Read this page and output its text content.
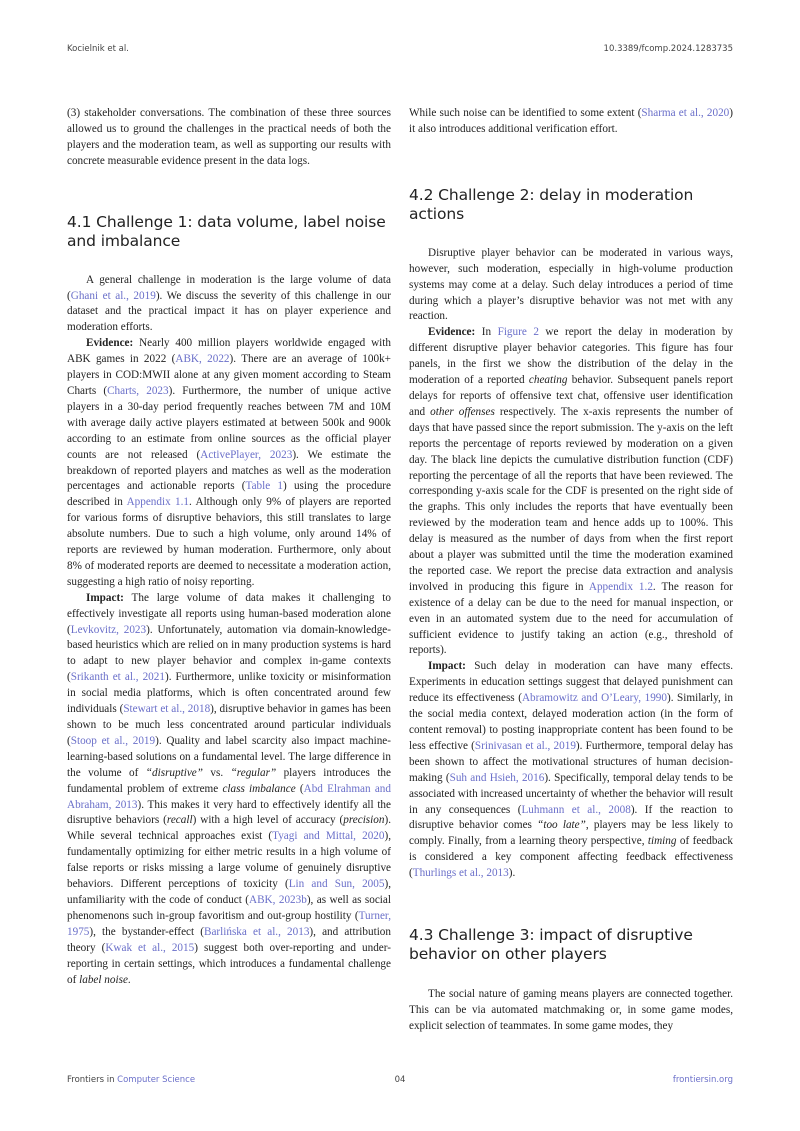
Kocielnik et al.	10.3389/fcomp.2024.1283735

(3) stakeholder conversations. The combination of these three sources allowed us to ground the challenges in the practical needs of both the players and the moderation team, as well as supporting our results with concrete measurable evidence present in the data logs.

4.1 Challenge 1: data volume, label noise and imbalance

A general challenge in moderation is the large volume of data (Ghani et al., 2019). We discuss the severity of this challenge in our dataset and the practical impact it has on player experience and moderation efforts.

Evidence: Nearly 400 million players worldwide engaged with ABK games in 2022 (ABK, 2022). There are an average of 100k+ players in COD:MWII alone at any given moment according to Steam Charts (Charts, 2023). Furthermore, the number of unique active players in a 30-day period frequently reaches between 7M and 10M with average daily active players estimated at between 500k and 900k according to an estimate from online sources as the official player counts are not released (ActivePlayer, 2023). We estimate the breakdown of reported players and matches as well as the moderation percentages and actionable reports (Table 1) using the procedure described in Appendix 1.1. Although only 9% of players are reported for various forms of disruptive behaviors, this still translates to large absolute numbers. Due to such a high volume, only around 14% of reports are reviewed by human moderation. Furthermore, only about 8% of moderated reports are deemed to necessitate a moderation action, suggesting a high ratio of noisy reporting.

Impact: The large volume of data makes it challenging to effectively investigate all reports using human-based moderation alone (Levkovitz, 2023). Unfortunately, automation via domain-knowledge-based heuristics which are relied on in many production systems is hard to adapt to new player behavior and complex in-game contexts (Srikanth et al., 2021). Furthermore, unlike toxicity or misinformation in social media platforms, which is often concentrated around few individuals (Stewart et al., 2018), disruptive behavior in games has been shown to be much less concentrated around particular individuals (Stoop et al., 2019). Quality and label scarcity also impact machine-learning-based solutions on a fundamental level. The large difference in the volume of “disruptive” vs. “regular” players introduces the fundamental problem of extreme class imbalance (Abd Elrahman and Abraham, 2013). This makes it very hard to effectively identify all the disruptive behaviors (recall) with a high level of accuracy (precision). While several technical approaches exist (Tyagi and Mittal, 2020), fundamentally optimizing for either metric results in a high volume of false reports or risks missing a large volume of genuinely disruptive behaviors. Different perceptions of toxicity (Lin and Sun, 2005), unfamiliarity with the code of conduct (ABK, 2023b), as well as social phenomenons such in-group favoritism and out-group hostility (Turner, 1975), the bystander-effect (Barlińska et al., 2013), and attribution theory (Kwak et al., 2015) suggest both over-reporting and under-reporting in certain settings, which introduces a fundamental challenge of label noise.

While such noise can be identified to some extent (Sharma et al., 2020) it also introduces additional verification effort.

4.2 Challenge 2: delay in moderation actions

Disruptive player behavior can be moderated in various ways, however, such moderation, especially in high-volume production systems may come at a delay. Such delay introduces a period of time during which a player’s disruptive behavior was not met with any reaction.

Evidence: In Figure 2 we report the delay in moderation by different disruptive player behavior categories. This figure has four panels, in the first we show the distribution of the delay in the moderation of a reported cheating behavior. Subsequent panels report delays for reports of offensive text chat, offensive user identification and other offenses respectively. The x-axis represents the number of days that have passed since the report submission. The y-axis on the left reports the percentage of reports reviewed by moderation on a given day. The black line depicts the cumulative distribution function (CDF) reporting the percentage of all the reports that have been reviewed. The corresponding y-axis scale for the CDF is presented on the right side of the graphs. This only includes the reports that have eventually been reviewed by the moderation team and hence adds up to 100%. This delay is measured as the number of days from when the first report about a player was submitted until the time the moderation examined the reported case. We report the precise data extraction and analysis involved in producing this figure in Appendix 1.2. The reason for existence of a delay can be due to the need for manual inspection, or even in an automated system due to the need for accumulation of sufficient evidence to justify taking an action (e.g., threshold of reports).

Impact: Such delay in moderation can have many effects. Experiments in education settings suggest that delayed punishment can reduce its effectiveness (Abramowitz and O’Leary, 1990). Similarly, in the social media context, delayed moderation action (in the form of content removal) to posting inappropriate content has been found to be less effective (Srinivasan et al., 2019). Furthermore, temporal delay has been shown to affect the motivational structures of human decision-making (Suh and Hsieh, 2016). Specifically, temporal delay tends to be associated with increased uncertainty of whether the behavior will result in any consequences (Luhmann et al., 2008). If the reaction to disruptive behavior comes “too late”, players may be less likely to comply. Finally, from a learning theory perspective, timing of feedback is considered a key component affecting feedback effectiveness (Thurlings et al., 2013).

4.3 Challenge 3: impact of disruptive behavior on other players

The social nature of gaming means players are connected together. This can be via automated matchmaking or, in some game modes, explicit selection of teammates. In some game modes, they

Frontiers in Computer Science	04	frontiersin.org
